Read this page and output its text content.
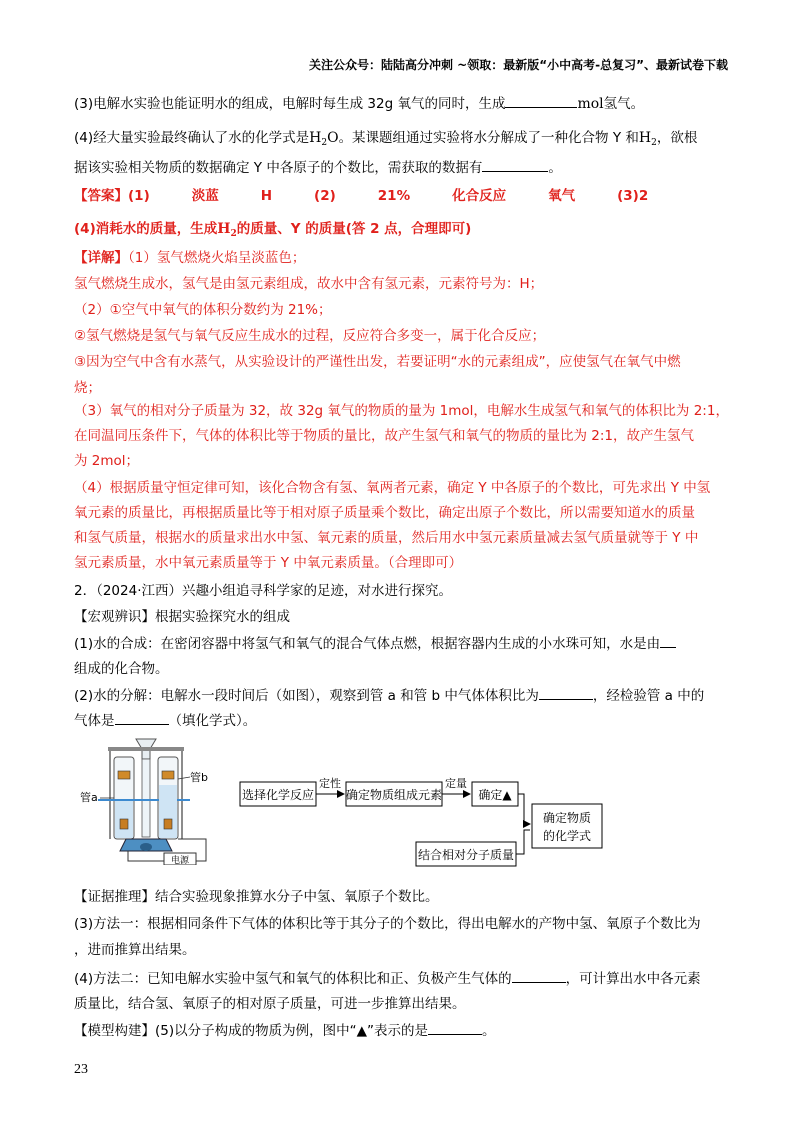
关注公众号：陆陆高分冲刺 ~领取：最新版“小中高考-总复习”、最新试卷下载
(3)电解水实验也能证明水的组成，电解时每生成 32g 氧气的同时，生成	mol氢气。
(4)经大量实验最终确认了水的化学式是$H_2O$。某课题组通过实验将水分解成了一种化合物 Y 和$H_2$，欲根
据该实验相关物质的数据确定 Y 中各原子的个数比，需获取的数据有	。
【答案】(1)	淡蓝	H	(2)	21%	化合反应	氧气	(3)2
(4)消耗水的质量，生成$H_2$的质量、Y 的质量(答 2 点，合理即可)
【详解】（1）氢气燃烧火焰呈淡蓝色；
氢气燃烧生成水，氢气是由氢元素组成，故水中含有氢元素，元素符号为：H；
（2）①空气中氧气的体积分数约为 21%；
②氢气燃烧是氢气与氧气反应生成水的过程，反应符合多变一，属于化合反应；
③因为空气中含有水蒸气，从实验设计的严谨性出发，若要证明“水的元素组成”，应使氢气在氧气中燃
烧；
（3）氧气的相对分子质量为 32，故 32g 氧气的物质的量为 1mol，电解水生成氢气和氧气的体积比为 2:1，
在同温同压条件下，气体的体积比等于物质的量比，故产生氢气和氧气的物质的量比为 2:1，故产生氢气
为 2mol；
（4）根据质量守恒定律可知，该化合物含有氢、氧两者元素，确定 Y 中各原子的个数比，可先求出 Y 中氢
氧元素的质量比，再根据质量比等于相对原子质量乘个数比，确定出原子个数比，所以需要知道水的质量
和氢气质量，根据水的质量求出水中氢、氧元素的质量，然后用水中氢元素质量减去氢气质量就等于 Y 中
氢元素质量，水中氧元素质量等于 Y 中氧元素质量。（合理即可）
2．（2024·江西）兴趣小组追寻科学家的足迹，对水进行探究。
【宏观辨识】根据实验探究水的组成
(1)水的合成：在密闭容器中将氢气和氧气的混合气体点燃，根据容器内生成的小水珠可知，水是由
组成的化合物。
(2)水的分解：电解水一段时间后（如图），观察到管 a 和管 b 中气体体积比为	，经检验管 a 中的
气体是	（填化学式）。
电源
管a
管b
选择化学反应
定性
确定物质组成元素
定量
确定▲
确定物质
的化学式
结合相对分子质量
【证据推理】结合实验现象推算水分子中氢、氧原子个数比。
(3)方法一：根据相同条件下气体的体积比等于其分子的个数比，得出电解水的产物中氢、氧原子个数比为
，进而推算出结果。
(4)方法二：已知电解水实验中氢气和氧气的体积比和正、负极产生气体的	，可计算出水中各元素
质量比，结合氢、氧原子的相对原子质量，可进一步推算出结果。
【模型构建】(5)以分子构成的物质为例，图中“▲”表示的是	。
23
